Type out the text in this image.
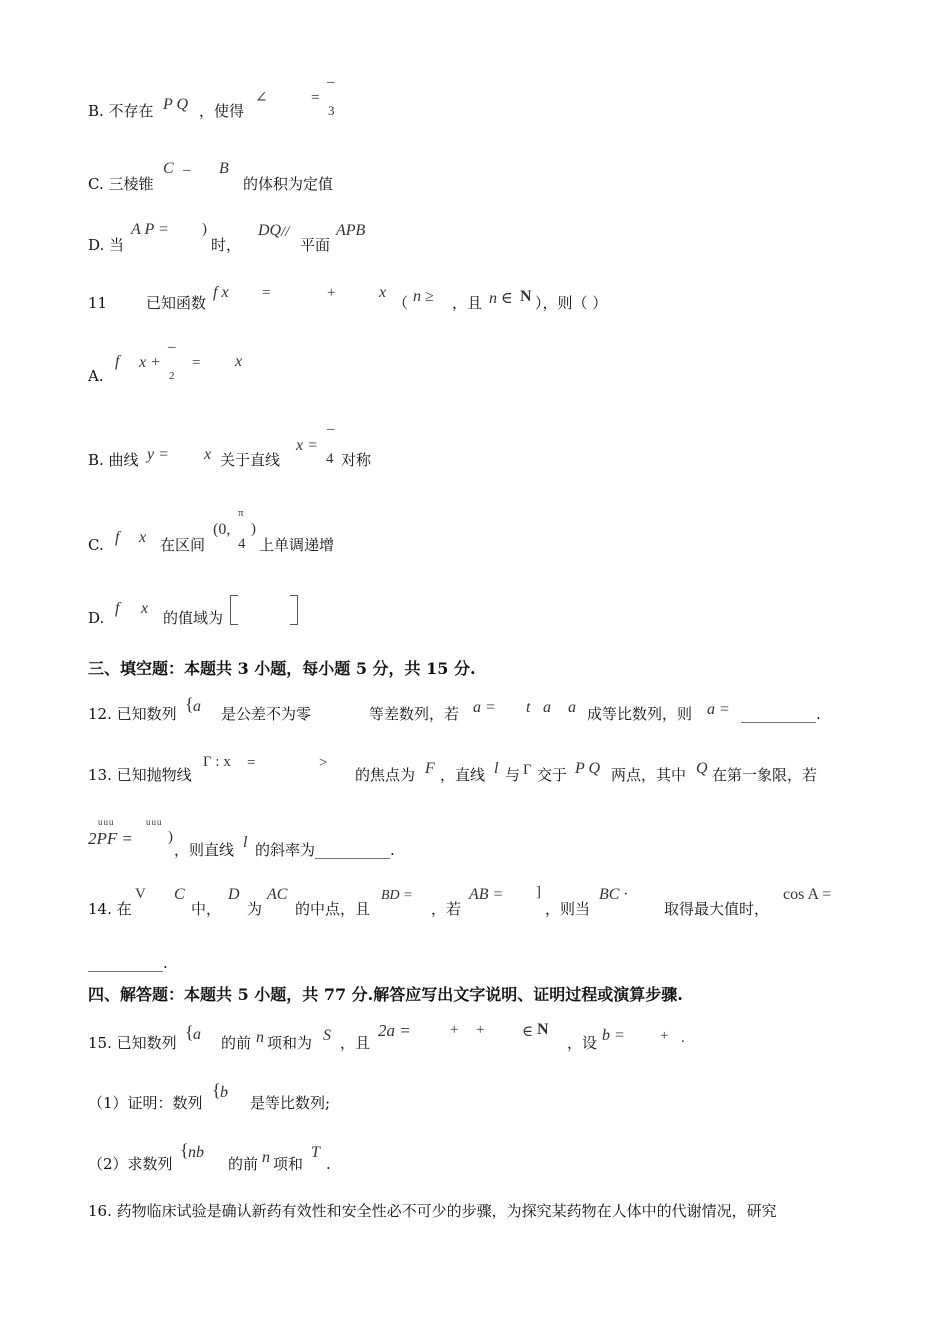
B. 不存在 P Q ，使得
∠	=
–
3
C. 三棱锥
C – B
的体积为定值
D. 当
A P = )
时，
DQ //
平面
APB
11	已知函数
f x =	+	x
（ n ≥ ，且 n ∈ N ），则（ ）
A.
f x +
–
2
= x
B. 曲线 y = x 关于直线
x =
–
4 对称
C. f x 在区间
(0,
π
4
)
上单调递增
D.
f x
的值域为
三、填空题：本题共 3 小题，每小题 5 分，共 15 分.
12. 已知数列 { a 是公差不为零	等差数列，若 a = t a a 成等比数列，则 a = __________.
13. 已知抛物线
Γ : x =	>
的焦点为 F ，直线 l 与 Γ 交于 P Q 两点，其中 Q 在第一象限，若
uuu	uuu
2PF = )
，则直线 l 的斜率为__________.
14. 在
V C
中，
D
为
AC
的中点，且
BD =
，若
AB = ]
，则当
BC ·
取得最大值时，
cos A =
__________.
四、解答题：本题共 5 小题，共 77 分.解答应写出文字说明、证明过程或演算步骤.
15. 已知数列
{ a 的前 n 项和为 S ，且
2a =	+ +	∈ N
，设 b = + .
（1）证明：数列
{ b
是等比数列;
（2）求数列
{ nb
的前 n 项和
T
.
16. 药物临床试验是确认新药有效性和安全性必不可少的步骤，为探究某药物在人体中的代谢情况，研究
